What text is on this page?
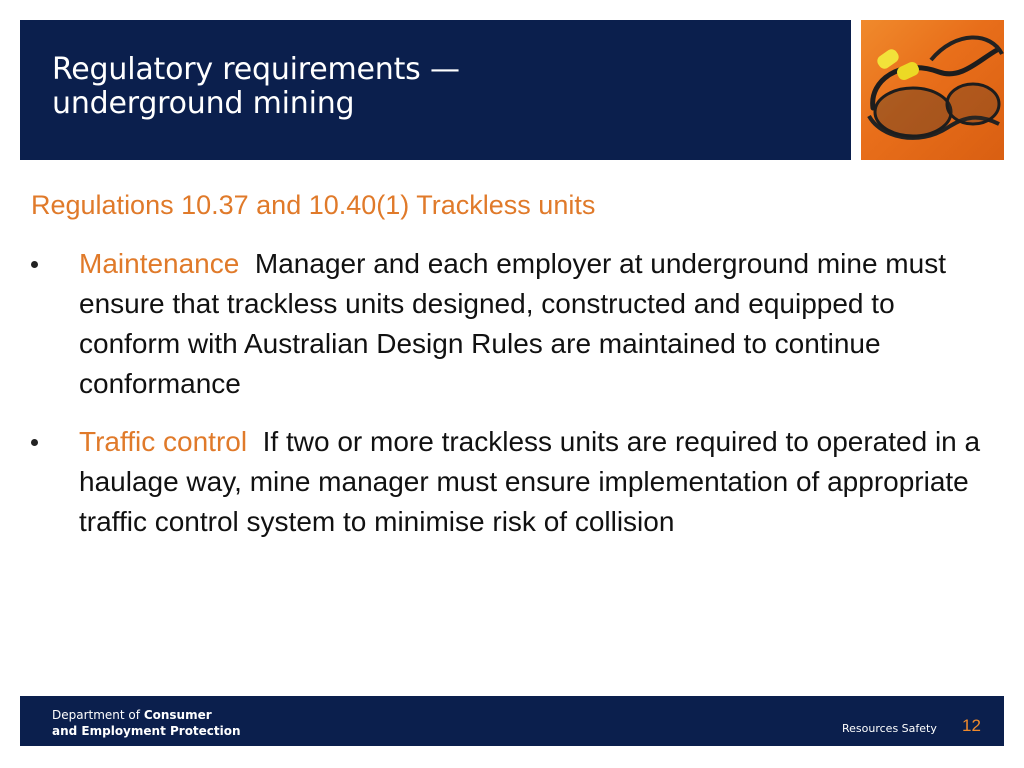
Regulatory requirements —
underground mining
Regulations 10.37 and 10.40(1) Trackless units
Maintenance Manager and each employer at underground mine must ensure that trackless units designed, constructed and equipped to conform with Australian Design Rules are maintained to continue conformance
Traffic control If two or more trackless units are required to operated in a haulage way, mine manager must ensure implementation of appropriate traffic control system to minimise risk of collision
Department of Consumer
and Employment Protection	Resources Safety 12
